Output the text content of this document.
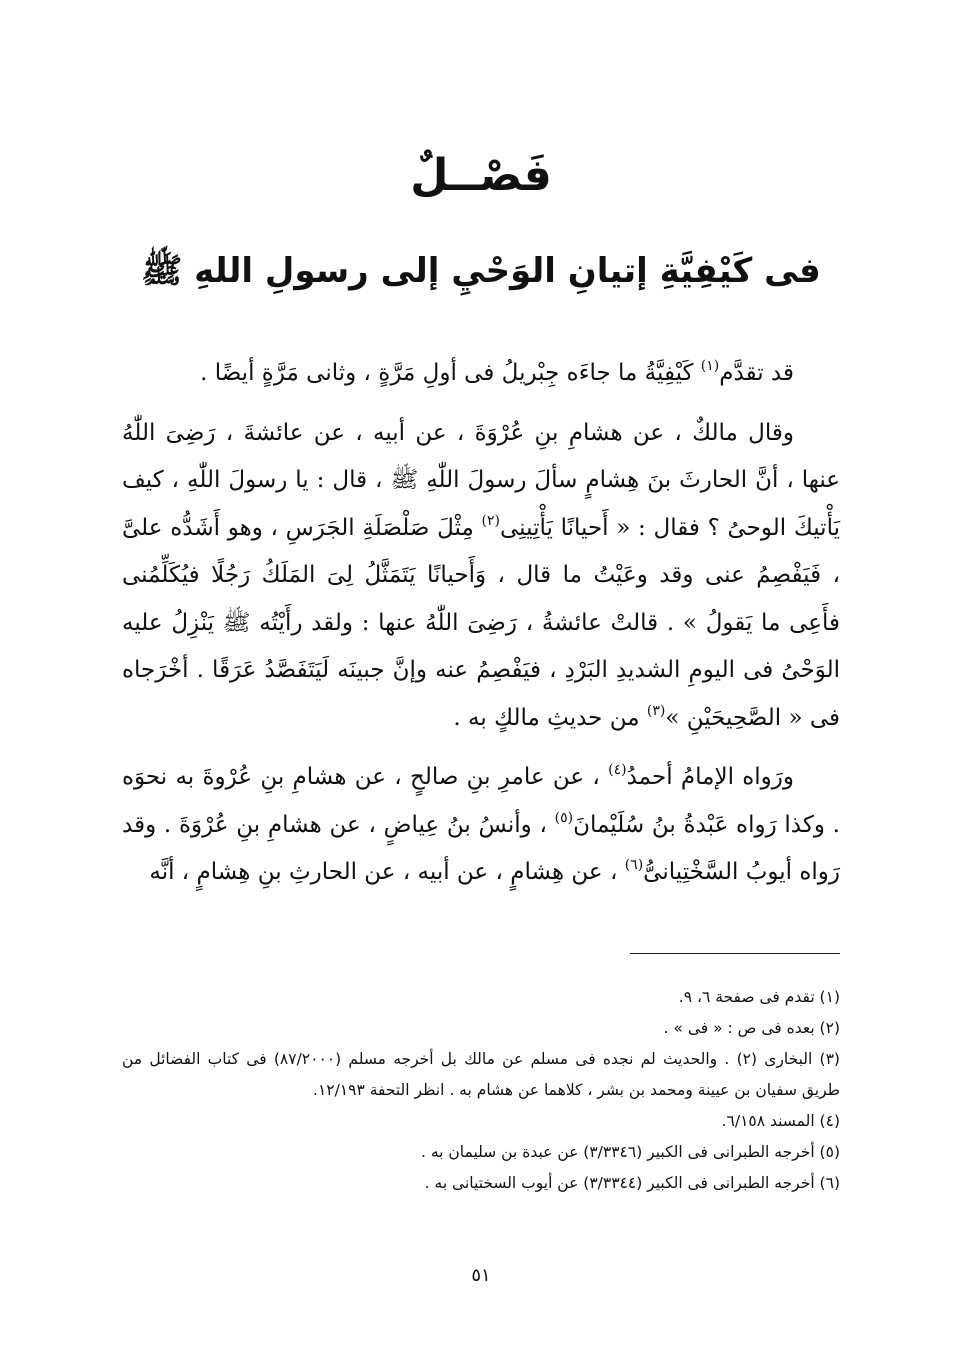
فَصْــلٌ
فى كَيْفِيَّةِ إتيانِ الوَحْيِ إلى رسولِ اللهِ ﷺ

قد تقدَّم$^{(١)}$ كَيْفِيَّةُ ما جاءَه جِبْريلُ فى أولِ مَرَّةٍ ، وثانى مَرَّةٍ أيضًا .

وقال مالكٌ ، عن هشامِ بنِ عُرْوَةَ ، عن أبيه ، عن عائشةَ ، رَضِىَ اللّٰهُ عنها ، أنَّ الحارثَ بنَ هِشامٍ سألَ رسولَ اللّٰهِ ﷺ ، قال : يا رسولَ اللّٰهِ ، كيف يَأْتيكَ الوحىُ ؟ فقال : « أَحيانًا يَأْتِينِى$^{(٢)}$ مِثْلَ صَلْصَلَةِ الجَرَسِ ، وهو أَشَدُّه علىَّ ، فَيَفْصِمُ عنى وقد وعَيْتُ ما قال ، وَأَحيانًا يَتَمَثَّلُ لِىَ المَلَكُ رَجُلًا فيُكَلِّمُنى فأَعِى ما يَقولُ » . قالتْ عائشةُ ، رَضِىَ اللّٰهُ عنها : ولقد رأَيْتُه ﷺ يَنْزِلُ عليه الوَحْىُ فى اليومِ الشديدِ البَرْدِ ، فيَفْصِمُ عنه وإنَّ جبينَه لَيَتَفَصَّدُ عَرَقًا . أخْرَجاه فى « الصَّحِيحَيْنِ »$^{(٣)}$ من حديثِ مالكٍ به .

ورَواه الإمامُ أحمدُ$^{(٤)}$ ، عن عامرِ بنِ صالحٍ ، عن هشامِ بنِ عُرْوةَ به نحوَه . وكذا رَواه عَبْدةُ بنُ سُلَيْمانَ$^{(٥)}$ ، وأنسُ بنُ عِياضٍ ، عن هشامِ بنِ عُرْوَةَ . وقد رَواه أيوبُ السَّخْتِيانىُّ$^{(٦)}$ ، عن هِشامٍ ، عن أبيه ، عن الحارثِ بنِ هِشامٍ ، أنَّه

(١) تقدم فى صفحة ٦، ٩.

(٢) بعده فى ص : « فى » .

(٣) البخارى (٢) . والحديث لم نجده فى مسلم عن مالك بل أخرجه مسلم (٨٧/٢٠٠٠) فى كتاب الفضائل من طريق سفيان بن عيينة ومحمد بن بشر ، كلاهما عن هشام به . انظر التحفة ١٢/١٩٣.

(٤) المسند ٦/١٥٨.

(٥) أخرجه الطبرانى فى الكبير (٣/٣٣٤٦) عن عبدة بن سليمان به .

(٦) أخرجه الطبرانى فى الكبير (٣/٣٣٤٤) عن أيوب السختيانى به .

٥١
